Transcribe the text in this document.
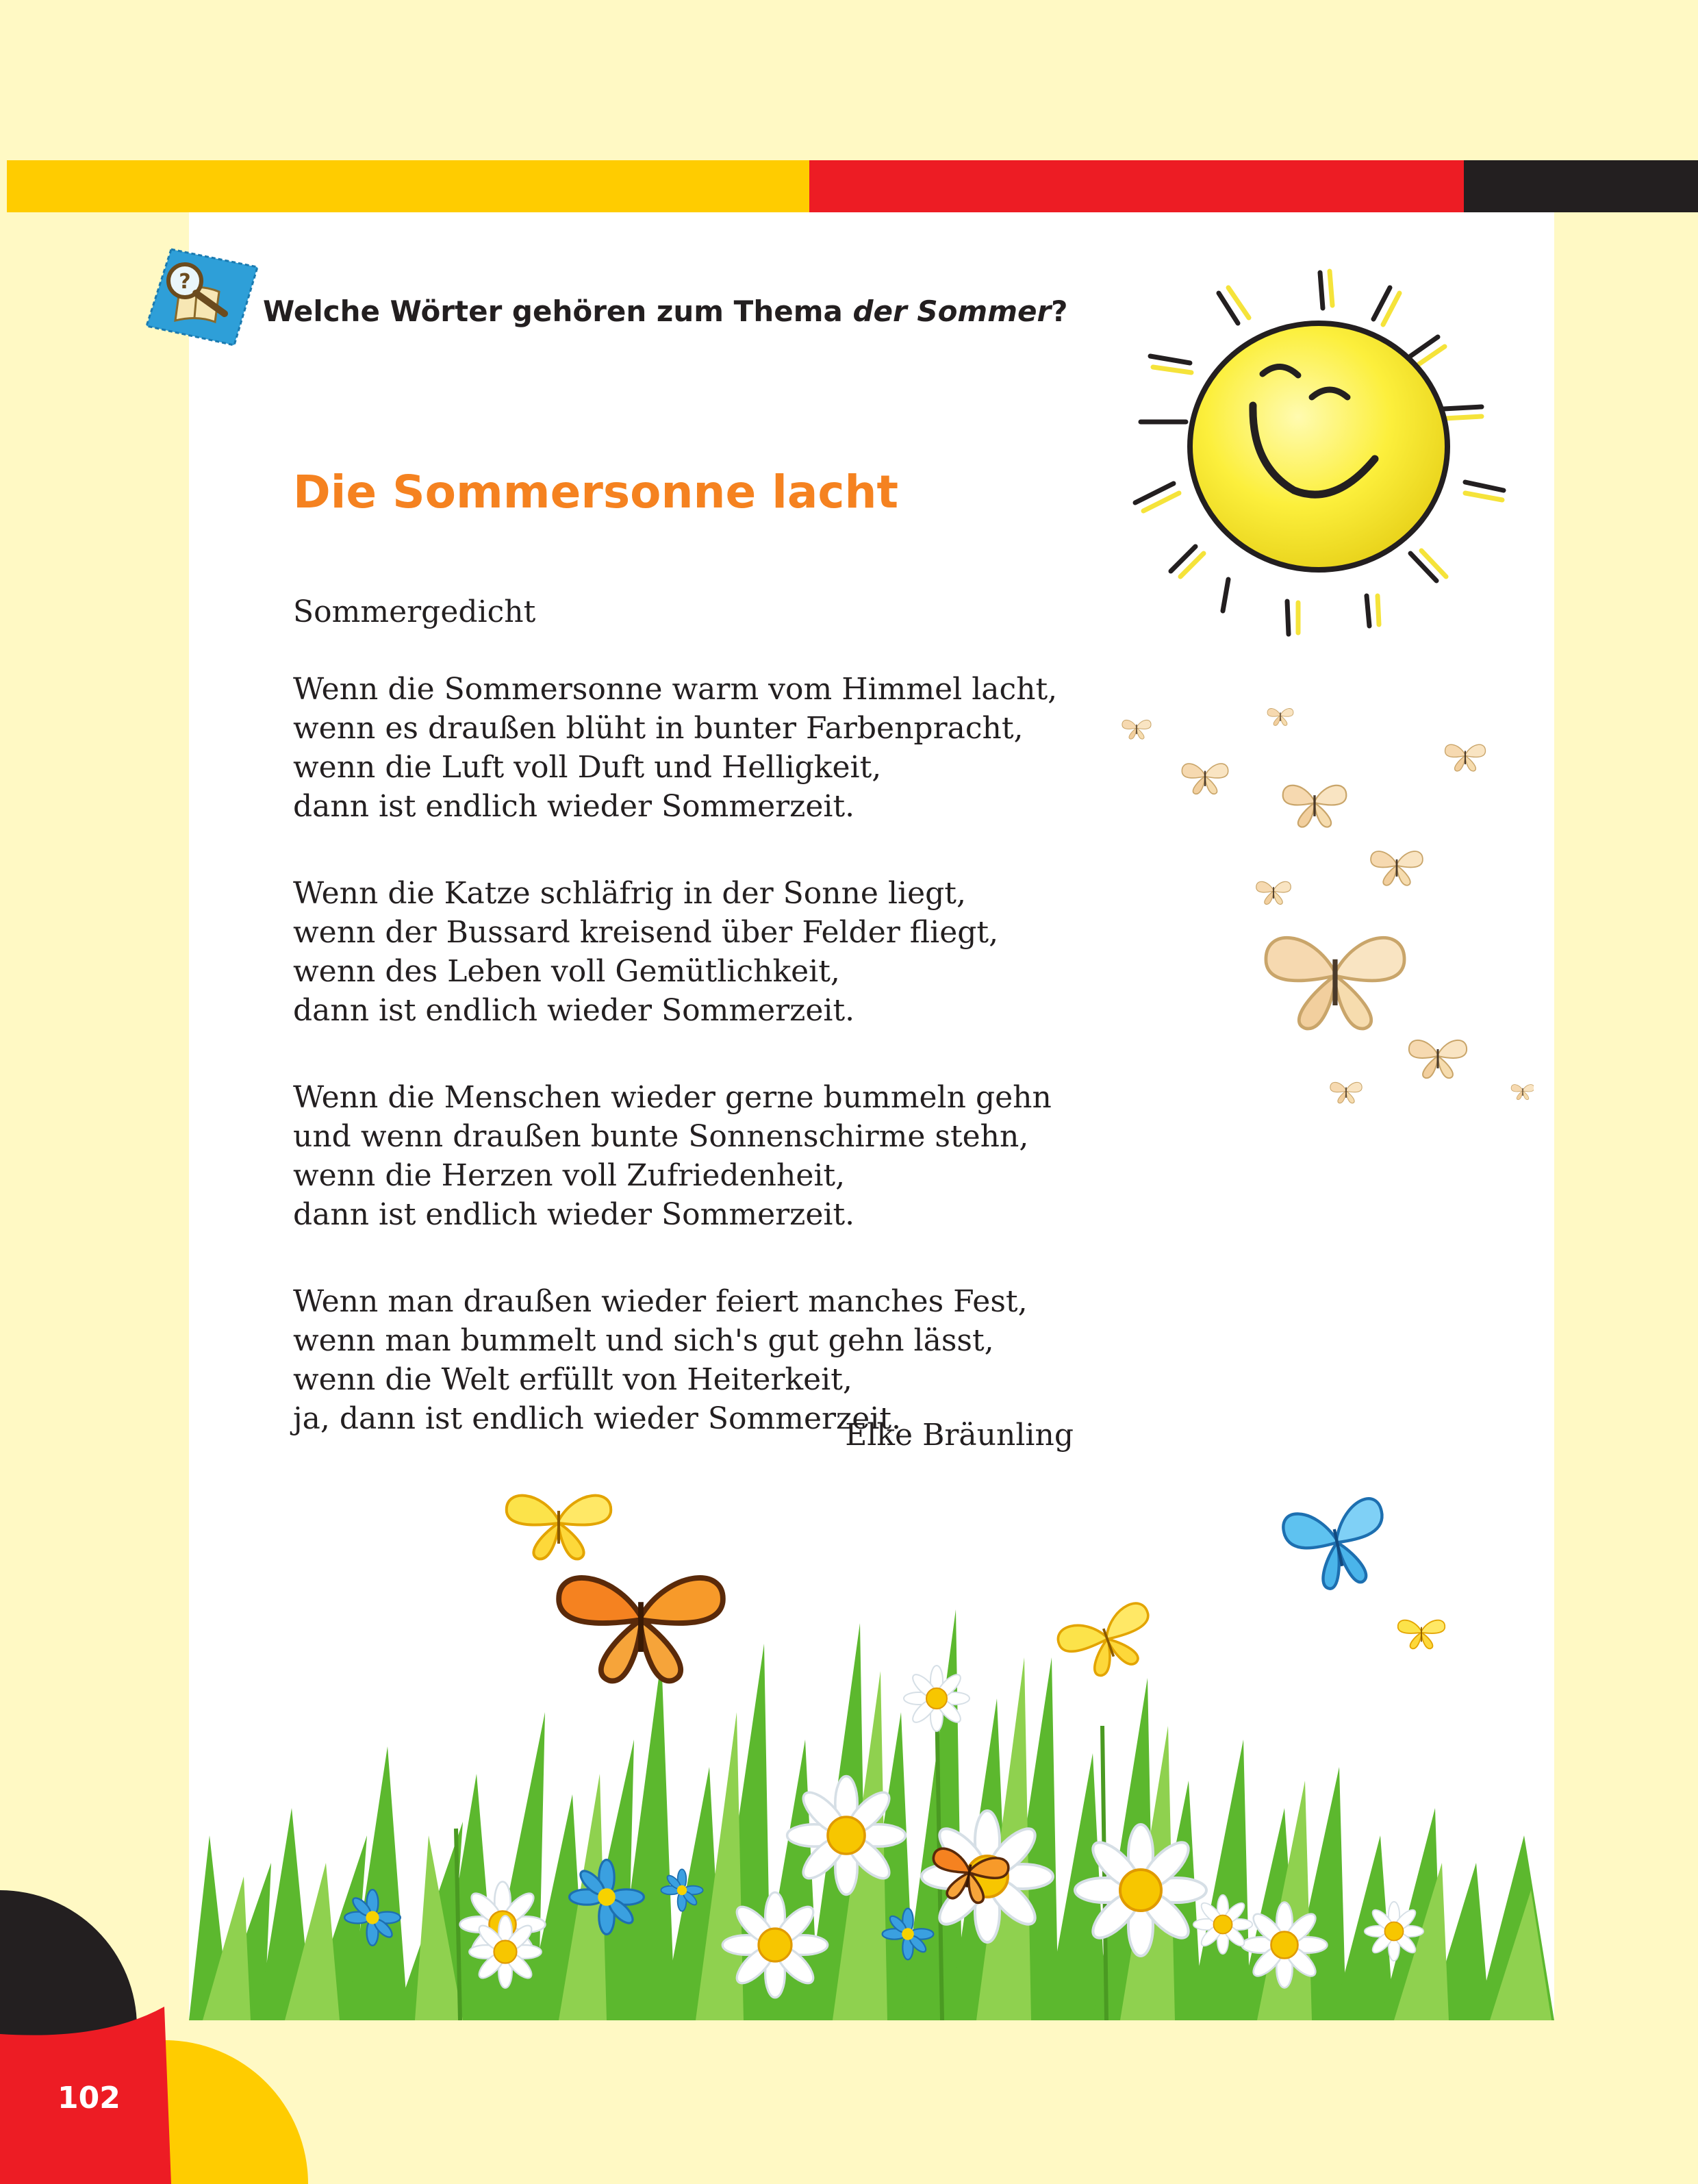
?

Welche Wörter gehören zum Thema der Sommer?

Die Sommersonne lacht
Sommergedicht
Wenn die Sommersonne warm vom Himmel lacht,
wenn es draußen blüht in bunter Farbenpracht,
wenn die Luft voll Duft und Helligkeit,
dann ist endlich wieder Sommerzeit.
Wenn die Katze schläfrig in der Sonne liegt,
wenn der Bussard kreisend über Felder fliegt,
wenn des Leben voll Gemütlichkeit,
dann ist endlich wieder Sommerzeit.
Wenn die Menschen wieder gerne bummeln gehn
und wenn draußen bunte Sonnenschirme stehn,
wenn die Herzen voll Zufriedenheit,
dann ist endlich wieder Sommerzeit.
Wenn man draußen wieder feiert manches Fest,
wenn man bummelt und sich's gut gehn lässt,
wenn die Welt erfüllt von Heiterkeit,
ja, dann ist endlich wieder Sommerzeit.
Elke Bräunling
102
